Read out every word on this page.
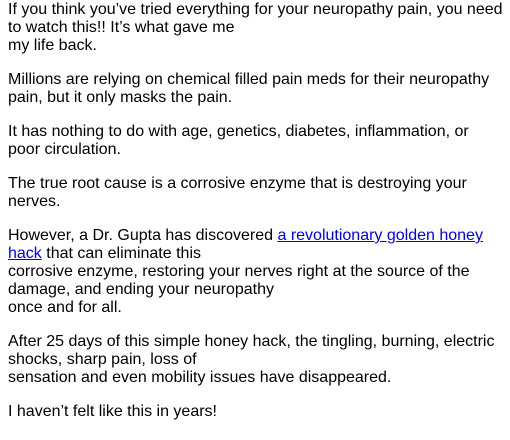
If you think you’ve tried everything for your neuropathy pain, you need to watch this!! It’s what gave me
my life back.

Millions are relying on chemical filled pain meds for their neuropathy pain, but it only masks the pain.

It has nothing to do with age, genetics, diabetes, inflammation, or poor circulation.

The true root cause is a corrosive enzyme that is destroying your nerves.

However, a Dr. Gupta has discovered a revolutionary golden honey hack that can eliminate this
corrosive enzyme, restoring your nerves right at the source of the damage, and ending your neuropathy
once and for all.

After 25 days of this simple honey hack, the tingling, burning, electric shocks, sharp pain, loss of
sensation and even mobility issues have disappeared.

I haven’t felt like this in years!
